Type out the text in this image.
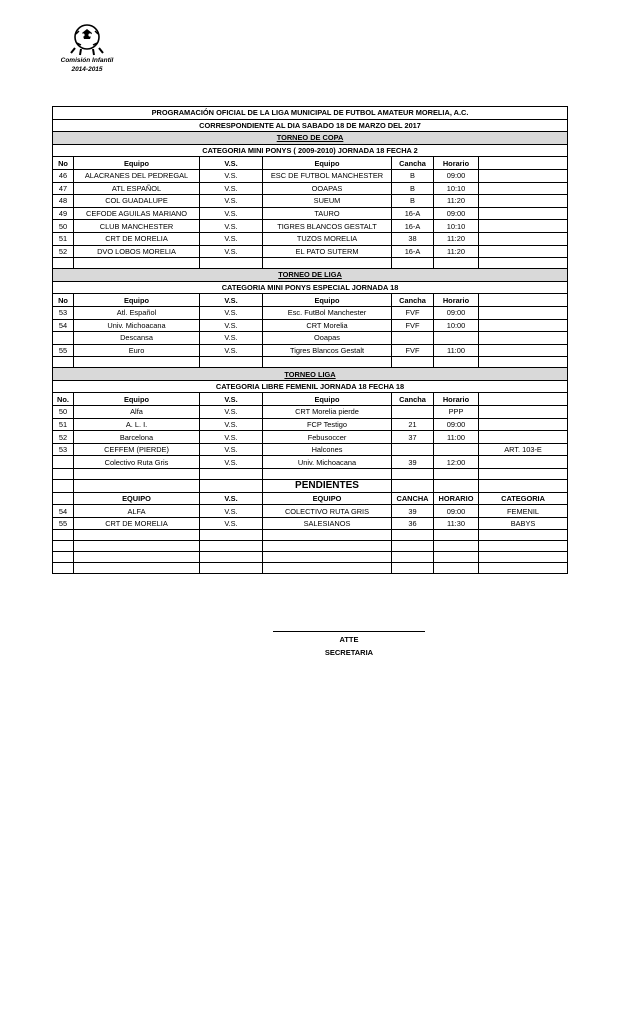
Comisión Infantil
2014-2015
PROGRAMACIÓN OFICIAL DE LA LIGA MUNICIPAL DE FUTBOL AMATEUR MORELIA, A.C.						
CORRESPONDIENTE AL DIA SABADO 18 DE MARZO DEL 2017						
TORNEO DE COPA						
CATEGORIA MINI PONYS ( 2009-2010) JORNADA 18 FECHA 2						
No	Equipo	V.S.	Equipo	Cancha	Horario	
46	ALACRANES DEL PEDREGAL	V.S.	ESC DE FUTBOL MANCHESTER	B	09:00	
47	ATL ESPAÑOL	V.S.	OOAPAS	B	10:10	
48	COL GUADALUPE	V.S.	SUEUM	B	11:20	
49	CEFODE AGUILAS MARIANO	V.S.	TAURO	16-A	09:00	
50	CLUB MANCHESTER	V.S.	TIGRES BLANCOS GESTALT	16-A	10:10	
51	CRT DE MORELIA	V.S.	TUZOS MORELIA	38	11:20	
52	DVO LOBOS MORELIA	V.S.	EL PATO SUTERM	16-A	11:20	

TORNEO DE LIGA						
CATEGORIA MINI PONYS ESPECIAL JORNADA 18						
No	Equipo	V.S.	Equipo	Cancha	Horario	
53	Atl. Español	V.S.	Esc. FutBol Manchester	FVF	09:00	
54	Univ. Michoacana	V.S.	CRT Morelia	FVF	10:00	
	Descansa	V.S.	Ooapas			
55	Euro	V.S.	Tigres Blancos Gestalt	FVF	11:00	

TORNEO LIGA						
CATEGORIA LIBRE FEMENIL JORNADA 18 FECHA 18						
No.	Equipo	V.S.	Equipo	Cancha	Horario	
50	Alfa	V.S.	CRT Morelia pierde		PPP	
51	A. L. I.	V.S.	FCP Testigo	21	09:00	
52	Barcelona	V.S.	Febusoccer	37	11:00	
53	CEFFEM (PIERDE)	V.S.	Halcones			ART. 103-E
	Colectivo Ruta Gris	V.S.	Univ. Michoacana	39	12:00	

			PENDIENTES			
	EQUIPO	V.S.	EQUIPO	CANCHA	HORARIO	CATEGORIA
54	ALFA	V.S.	COLECTIVO RUTA GRIS	39	09:00	FEMENIL
55	CRT DE MORELIA	V.S.	SALESIANOS	36	11:30	BABYS

ATTE
SECRETARIA
